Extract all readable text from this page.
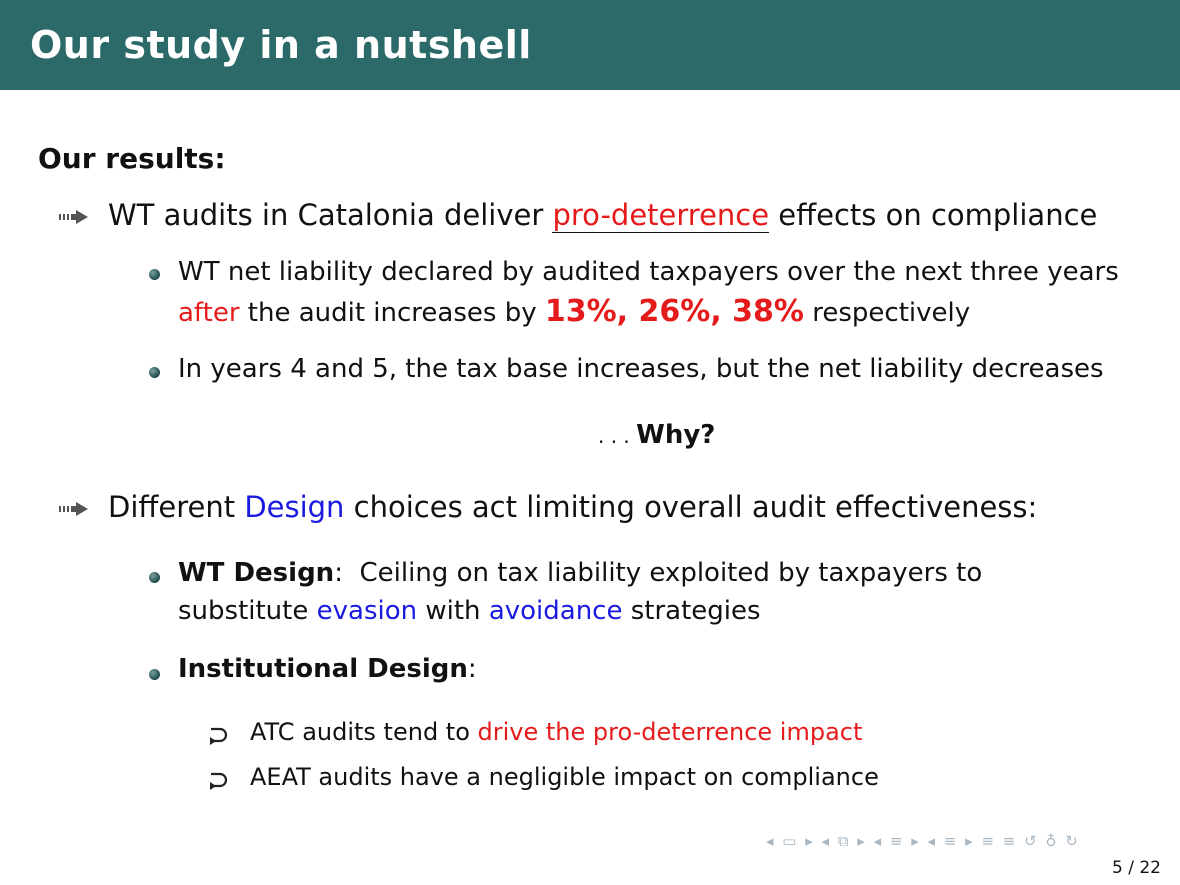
Our study in a nutshell
Our results:
WT audits in Catalonia deliver pro-deterrence effects on compliance
WT net liability declared by audited taxpayers over the next three years
after the audit increases by 13%, 26%, 38% respectively
In years 4 and 5, the tax base increases, but the net liability decreases
. . . Why?
Different Design choices act limiting overall audit effectiveness:
WT Design:  Ceiling on tax liability exploited by taxpayers to
substitute evasion with avoidance strategies
Institutional Design:
ATC audits tend to drive the pro-deterrence impact
AEAT audits have a negligible impact on compliance
◂ ▭ ▸ ◂ ⧉ ▸ ◂ ≡ ▸ ◂ ≡ ▸ ≡ ≡ ↺ ♁ ↻
5 / 22
